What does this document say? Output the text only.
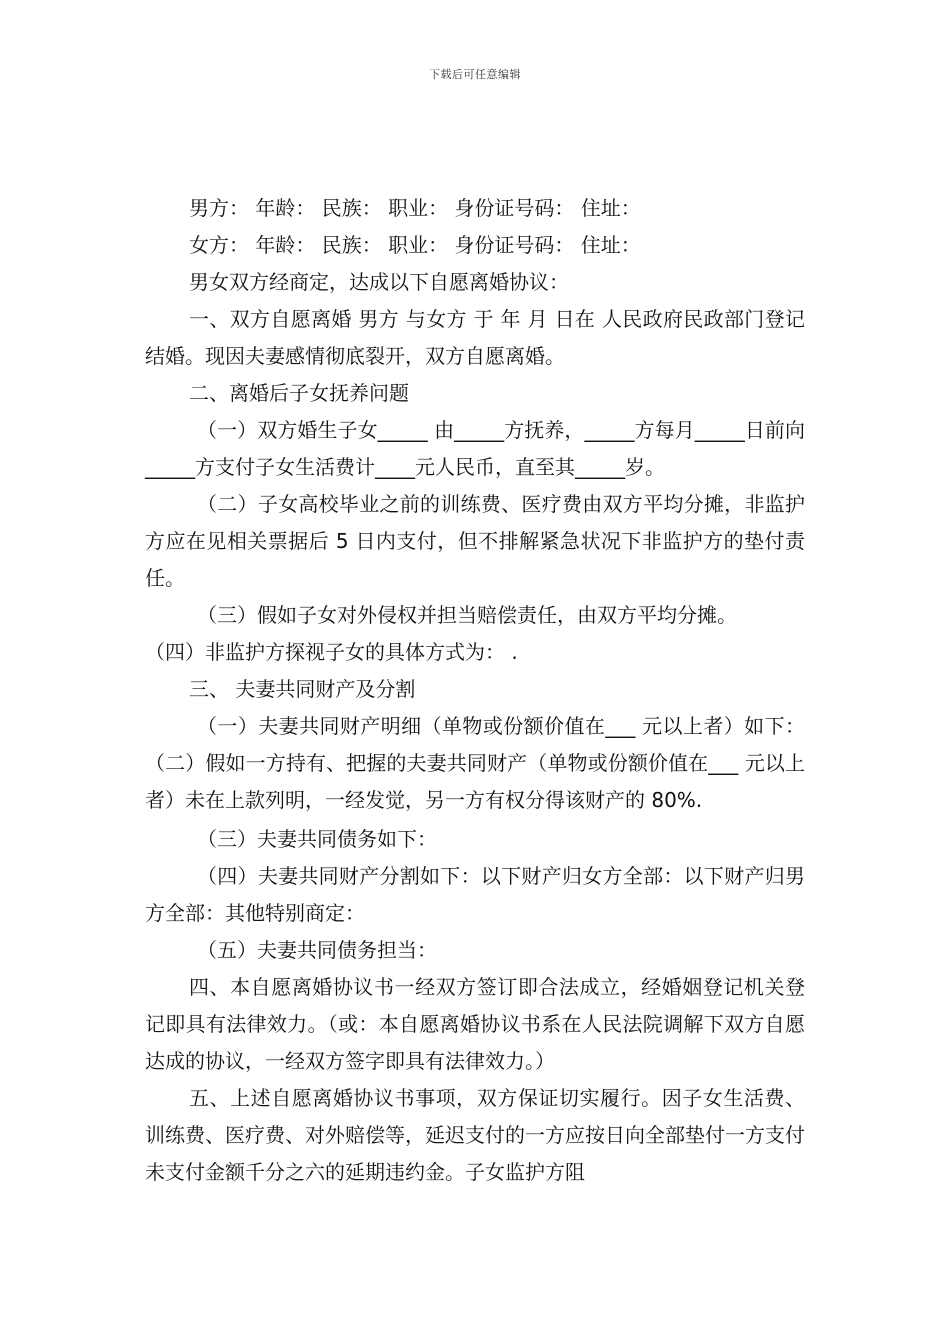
下载后可任意编辑

男方： 年龄： 民族： 职业： 身份证号码： 住址：

女方： 年龄： 民族： 职业： 身份证号码： 住址：

男女双方经商定，达成以下自愿离婚协议：

一、双方自愿离婚 男方 与女方 于 年 月 日在 人民政府民政部门登记结婚。现因夫妻感情彻底裂开，双方自愿离婚。

二、离婚后子女抚养问题

（一）双方婚生子女_____ 由_____方抚养，_____方每月_____日前向_____方支付子女生活费计____元人民币，直至其_____岁。

（二）子女高校毕业之前的训练费、医疗费由双方平均分摊，非监护方应在见相关票据后 5 日内支付，但不排解紧急状况下非监护方的垫付责任。

（三）假如子女对外侵权并担当赔偿责任，由双方平均分摊。

（四）非监护方探视子女的具体方式为： .

三、 夫妻共同财产及分割

（一）夫妻共同财产明细（单物或份额价值在___ 元以上者）如下：（二）假如一方持有、把握的夫妻共同财产（单物或份额价值在___ 元以上者）未在上款列明，一经发觉，另一方有权分得该财产的 80%.

（三）夫妻共同债务如下：

（四）夫妻共同财产分割如下：以下财产归女方全部：以下财产归男方全部：其他特别商定：

（五）夫妻共同债务担当：

四、本自愿离婚协议书一经双方签订即合法成立，经婚姻登记机关登记即具有法律效力。（或：本自愿离婚协议书系在人民法院调解下双方自愿达成的协议，一经双方签字即具有法律效力。）

五、上述自愿离婚协议书事项，双方保证切实履行。因子女生活费、训练费、医疗费、对外赔偿等，延迟支付的一方应按日向全部垫付一方支付未支付金额千分之六的延期违约金。子女监护方阻
